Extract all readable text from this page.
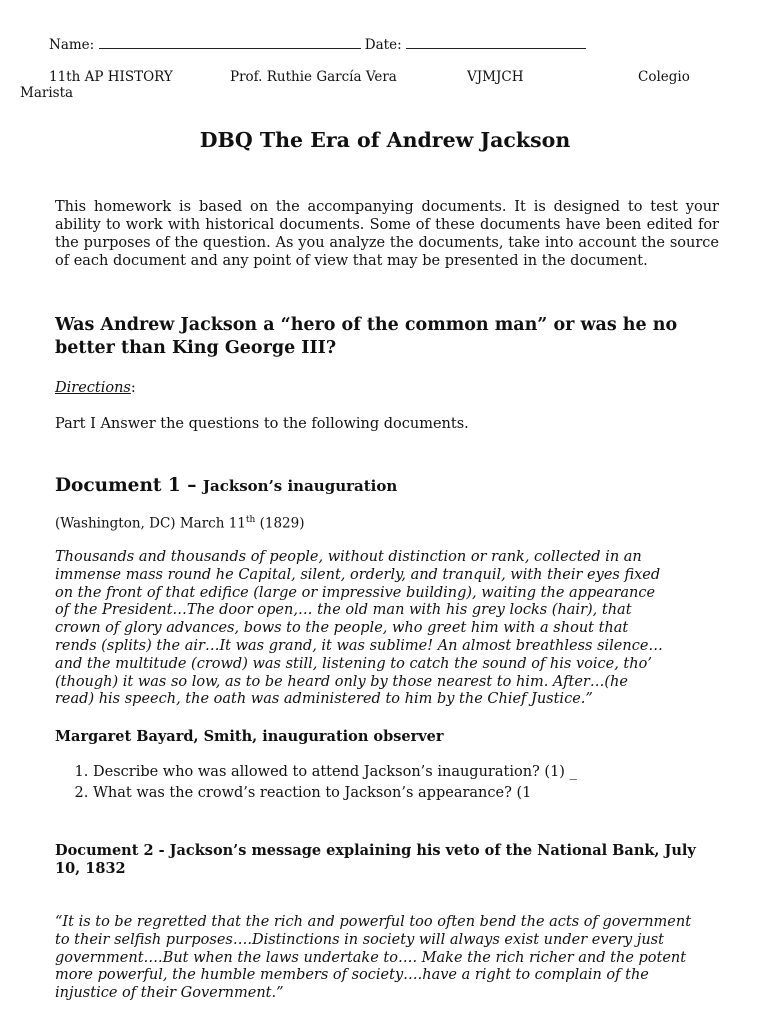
Name:	Date:
11th AP HISTORY	Prof. Ruthie García Vera	VJMJCH	Colegio
Marista
DBQ The Era of Andrew Jackson
This homework is based on the accompanying documents. It is designed to test your ability to work with historical documents. Some of these documents have been edited for the purposes of the question. As you analyze the documents, take into account the source of each document and any point of view that may be presented in the document.
Was Andrew Jackson a “hero of the common man” or was he no better than King George III?
Directions:
Part I Answer the questions to the following documents.
Document 1 – Jackson’s inauguration
(Washington, DC) March 11th (1829)

Thousands and thousands of people, without distinction or rank, collected in an

immense mass round he Capital, silent, orderly, and tranquil, with their eyes fixed

on the front of that edifice (large or impressive building), waiting the appearance

of the President…The door open,… the old man with his grey locks (hair), that

crown of glory advances, bows to the people, who greet him with a shout that

rends (splits) the air…It was grand, it was sublime! An almost breathless silence…

and the multitude (crowd) was still, listening to catch the sound of his voice, tho’

(though) it was so low, as to be heard only by those nearest to him. After…(he

read) his speech, the oath was administered to him by the Chief Justice.”

Margaret Bayard, Smith, inauguration observer
1. Describe who was allowed to attend Jackson’s inauguration? (1) _
2. What was the crowd’s reaction to Jackson’s appearance? (1
Document 2 - Jackson’s message explaining his veto of the National Bank, July 10, 1832

“It is to be regretted that the rich and powerful too often bend the acts of government

to their selfish purposes….Distinctions in society will always exist under every just

government….But when the laws undertake to…. Make the rich richer and the potent

more powerful, the humble members of society….have a right to complain of the

injustice of their Government.”
